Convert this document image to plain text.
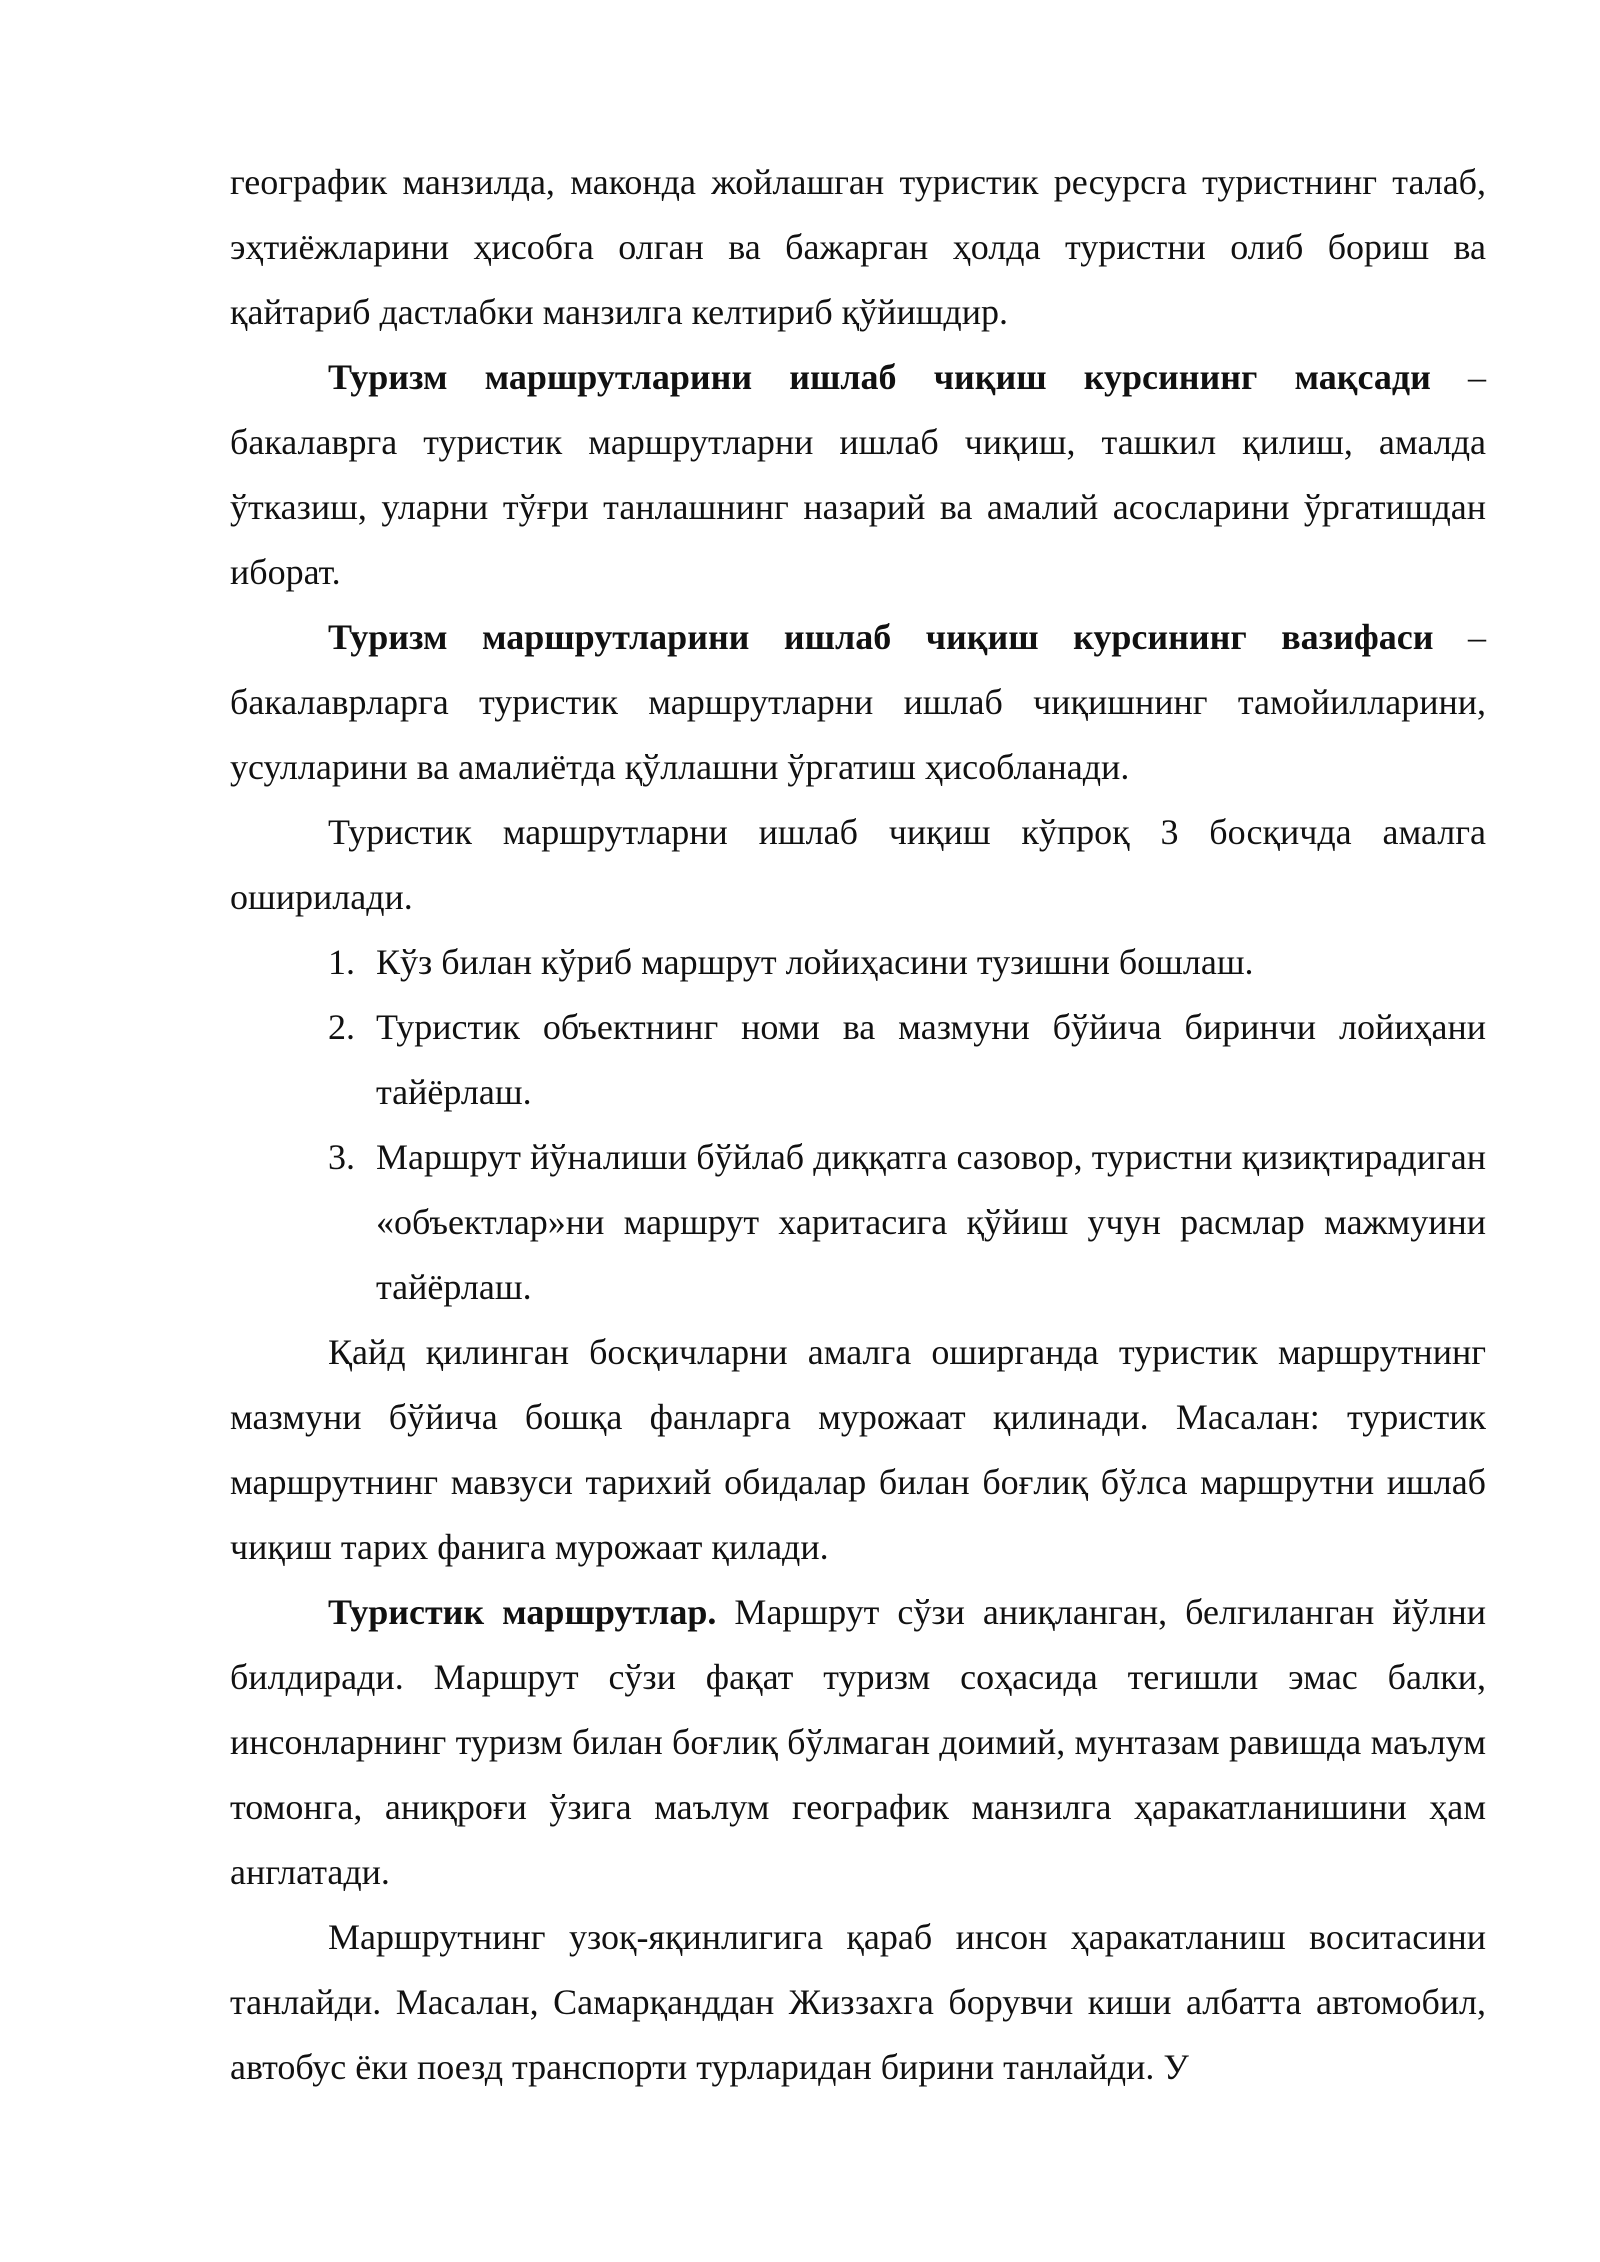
географик манзилда, маконда жойлашган туристик ресурсга туристнинг талаб, эҳтиёжларини ҳисобга олган ва бажарган ҳолда туристни олиб бориш ва қайтариб дастлабки манзилга келтириб қўйишдир.

Туризм маршрутларини ишлаб чиқиш курсининг мақсади – бакалаврга туристик маршрутларни ишлаб чиқиш, ташкил қилиш, амалда ўтказиш, уларни тўғри танлашнинг назарий ва амалий асосларини ўргатишдан иборат.

Туризм маршрутларини ишлаб чиқиш курсининг вазифаси – бакалаврларга туристик маршрутларни ишлаб чиқишнинг тамойилларини, усулларини ва амалиётда қўллашни ўргатиш ҳисобланади.

Туристик маршрутларни ишлаб чиқиш кўпроқ 3 босқичда амалга оширилади.

1. Кўз билан кўриб маршрут лойиҳасини тузишни бошлаш.
2. Туристик объектнинг номи ва мазмуни бўйича биринчи лойиҳани тайёрлаш.
3. Маршрут йўналиши бўйлаб диққатга сазовор, туристни қизиқтирадиган «объектлар»ни маршрут харитасига қўйиш учун расмлар мажмуини тайёрлаш.

Қайд қилинган босқичларни амалга оширганда туристик маршрутнинг мазмуни бўйича бошқа фанларга мурожаат қилинади. Масалан: туристик маршрутнинг мавзуси тарихий обидалар билан боғлиқ бўлса маршрутни ишлаб чиқиш тарих фанига мурожаат қилади.

Туристик маршрутлар. Маршрут сўзи аниқланган, белгиланган йўлни билдиради. Маршрут сўзи фақат туризм соҳасида тегишли эмас балки, инсонларнинг туризм билан боғлиқ бўлмаган доимий, мунтазам равишда маълум томонга, аниқроғи ўзига маълум географик манзилга ҳаракатланишини ҳам англатади.

Маршрутнинг узоқ-яқинлигига қараб инсон ҳаракатланиш воситасини танлайди. Масалан, Самарқанддан Жиззахга борувчи киши албатта автомобил, автобус ёки поезд транспорти турларидан бирини танлайди. У
